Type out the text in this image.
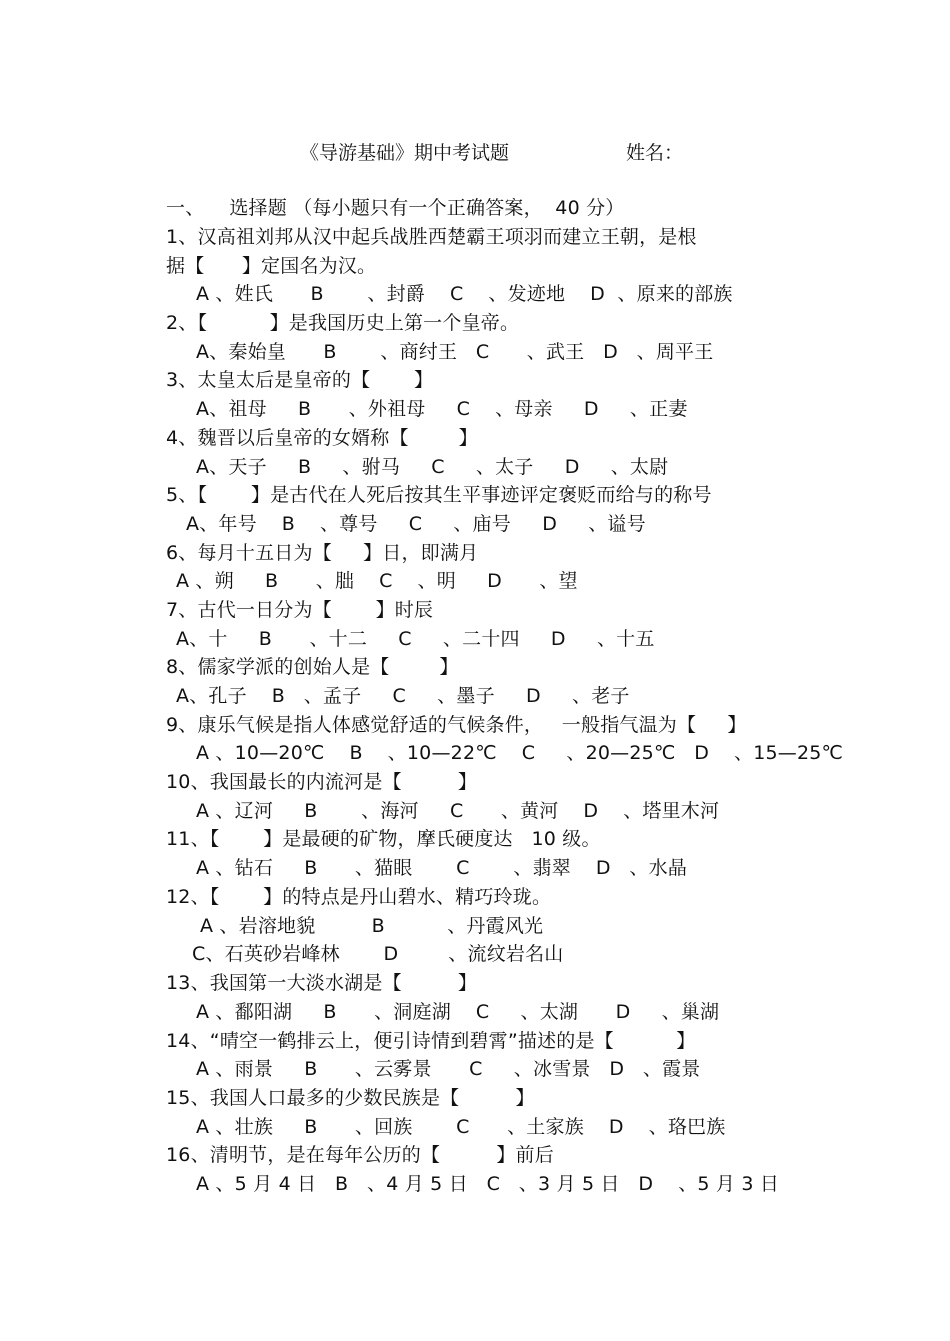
《导游基础》期中考试题	姓名：
一、    选择题 （每小题只有一个正确答案，  40 分）
1、汉高祖刘邦从汉中起兵战胜西楚霸王项羽而建立王朝，是根
据【      】定国名为汉。
A 、姓氏      B       、封爵    C    、发迹地    D  、原来的部族
2、【          】是我国历史上第一个皇帝。
A、秦始皇      B       、商纣王   C      、武王   D   、周平王
3、太皇太后是皇帝的【       】
A、祖母     B      、外祖母     C    、母亲     D     、正妻
4、魏晋以后皇帝的女婿称【        】
A、天子     B     、驸马     C     、太子     D     、太尉
5、【       】是古代在人死后按其生平事迹评定褒贬而给与的称号
A、年号    B    、尊号     C     、庙号     D     、谥号
6、每月十五日为【     】日，即满月
A 、朔     B      、朏    C    、明     D      、望
7、古代一日分为【       】时辰
A、十     B      、十二     C     、二十四     D     、十五
8、儒家学派的创始人是【        】
A、孔子    B   、孟子     C     、墨子     D     、老子
9、康乐气候是指人体感觉舒适的气候条件，   一般指气温为【     】
A 、10—20℃    B    、10—22℃    C     、20—25℃   D    、15—25℃
10、我国最长的内流河是【         】
A 、辽河     B       、海河     C      、黄河    D    、塔里木河
11、【       】是最硬的矿物，摩氏硬度达   10 级。
A 、钻石     B      、猫眼       C       、翡翠    D   、水晶
12、【       】的特点是丹山碧水、精巧玲珑。
A 、岩溶地貌         B          、丹霞风光
C、石英砂岩峰林       D        、流纹岩名山
13、我国第一大淡水湖是【         】
A 、鄱阳湖     B      、洞庭湖    C     、太湖      D     、巢湖
14、“晴空一鹤排云上，便引诗情到碧霄”描述的是【          】
A 、雨景     B      、云雾景      C     、冰雪景   D   、霞景
15、我国人口最多的少数民族是【         】
A 、壮族     B      、回族       C      、土家族    D    、珞巴族
16、清明节，是在每年公历的【         】前后
A 、5 月 4 日   B   、4 月 5 日   C   、3 月 5 日   D    、5 月 3 日
